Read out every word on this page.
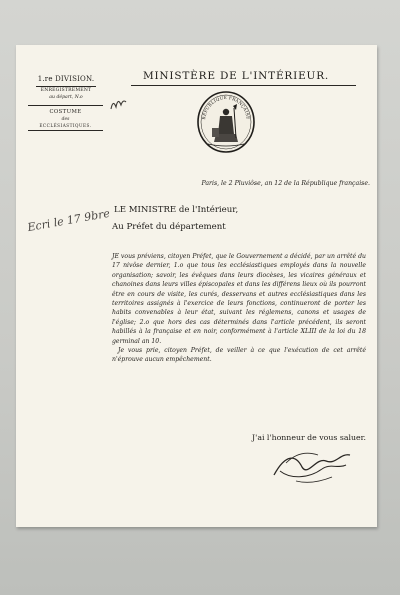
1.re DIVISION.
ENREGISTREMENT
au départ, N.o
COSTUME
des
ECCLÉSIASTIQUES.
MINISTÈRE DE L'INTÉRIEUR.
RÉPUBLIQUE FRANÇAISE
Paris, le 2 Pluviôse, an 12 de la République française.
LE MINISTRE de l'Intérieur,
Au Préfet du département

JE vous préviens, citoyen Préfet, que le Gouvernement a décidé, par un arrêté du 17 nivôse dernier, 1.o que tous les ecclésiastiques employés dans la nouvelle organisation; savoir, les évêques dans leurs diocèses, les vicaires généraux et chanoines dans leurs villes épiscopales et dans les différens lieux où ils pourront être en cours de visite, les curés, desservans et autres ecclésiastiques dans les territoires assignés à l'exercice de leurs fonctions, continueront de porter les habits convenables à leur état, suivant les réglemens, canons et usages de l'église; 2.o que hors des cas déterminés dans l'article précédent, ils seront habillés à la française et en noir, conformément à l'article XLIII de la loi du 18 germinal an 10.

Je vous prie, citoyen Préfet, de veiller à ce que l'exécution de cet arrêté n'éprouve aucun empêchement.

J'ai l'honneur de vous saluer.
Ecri le 17 9bre
